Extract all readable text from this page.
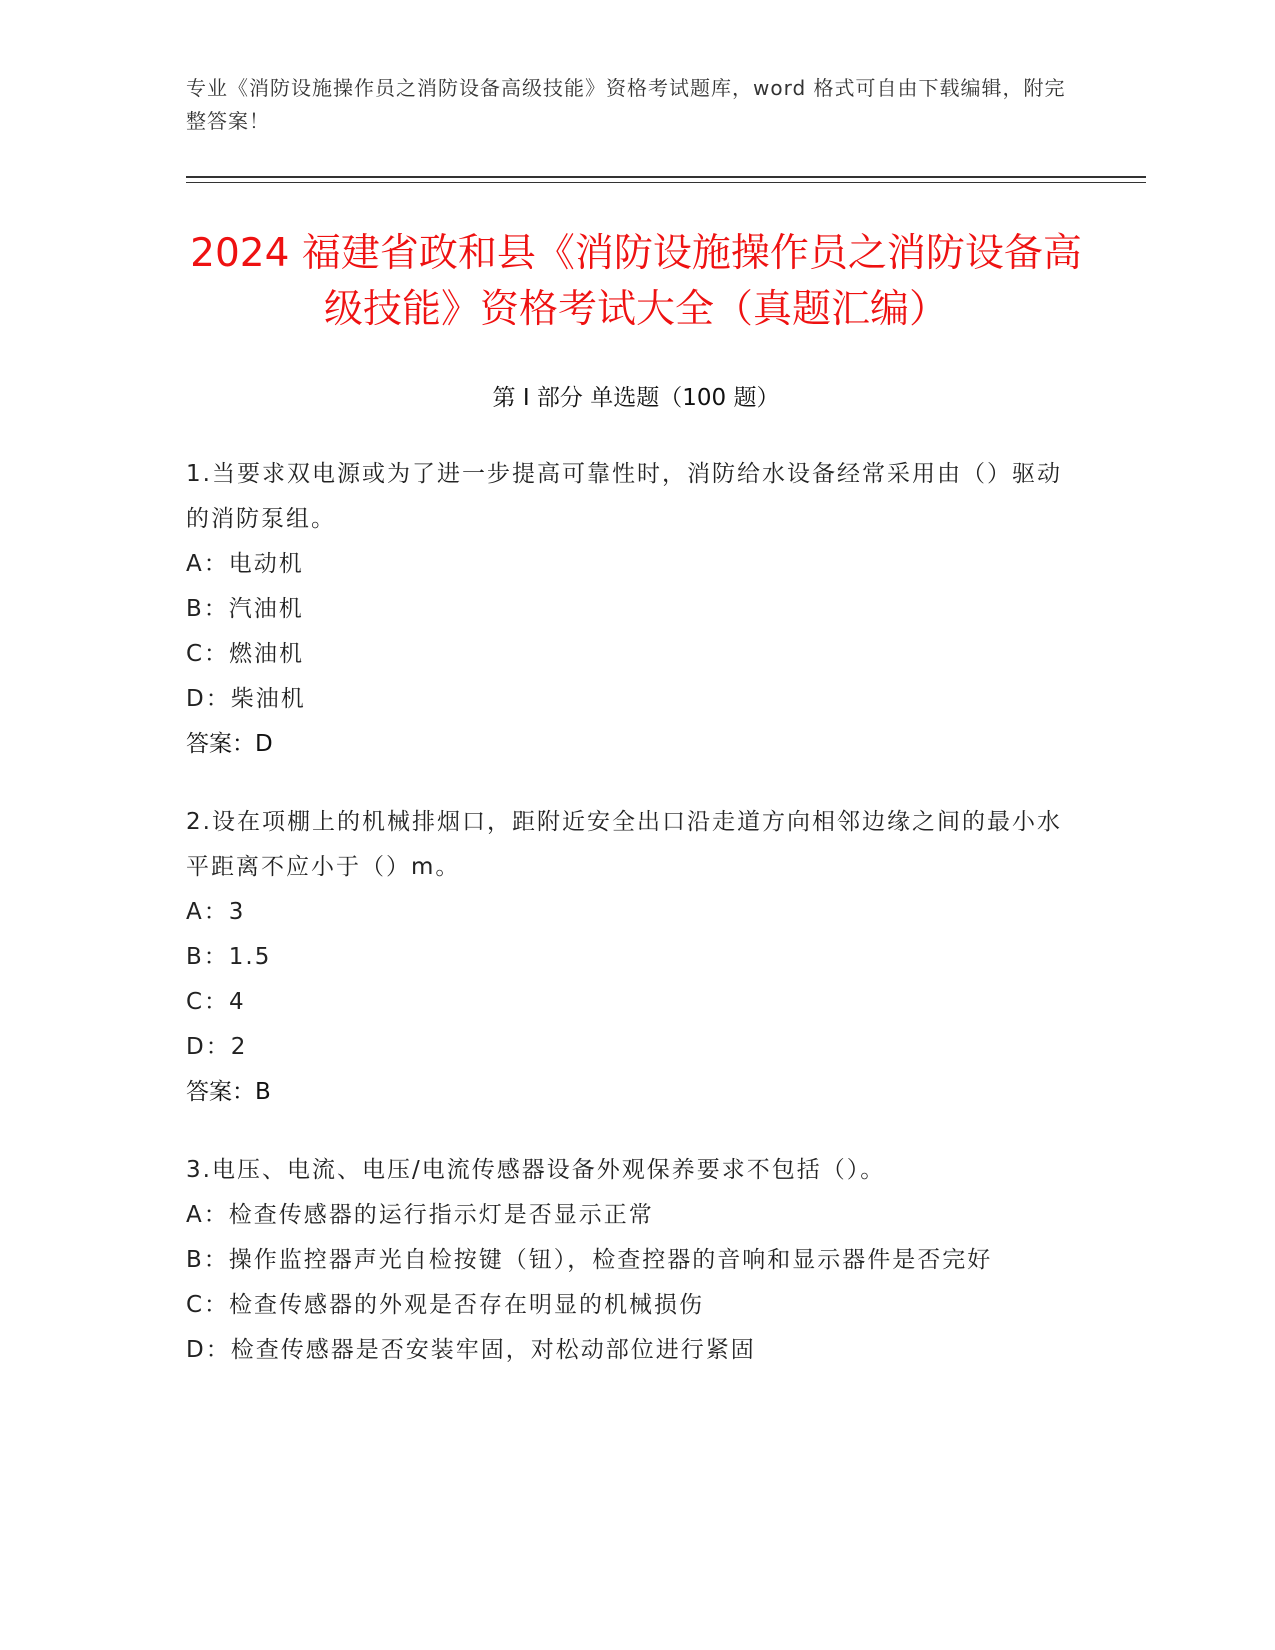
专业《消防设施操作员之消防设备高级技能》资格考试题库，word 格式可自由下载编辑，附完整答案！

2024 福建省政和县《消防设施操作员之消防设备高级技能》资格考试大全（真题汇编）

第 I 部分 单选题（100 题）

1.当要求双电源或为了进一步提高可靠性时，消防给水设备经常采用由（）驱动的消防泵组。

A：电动机

B：汽油机

C：燃油机

D：柴油机

答案：D

2.设在项棚上的机械排烟口，距附近安全出口沿走道方向相邻边缘之间的最小水平距离不应小于（）m。

A：3

B：1.5

C：4

D：2

答案：B

3.电压、电流、电压/电流传感器设备外观保养要求不包括（）。

A：检查传感器的运行指示灯是否显示正常

B：操作监控器声光自检按键（钮），检查控器的音响和显示器件是否完好

C：检查传感器的外观是否存在明显的机械损伤

D：检查传感器是否安装牢固，对松动部位进行紧固
